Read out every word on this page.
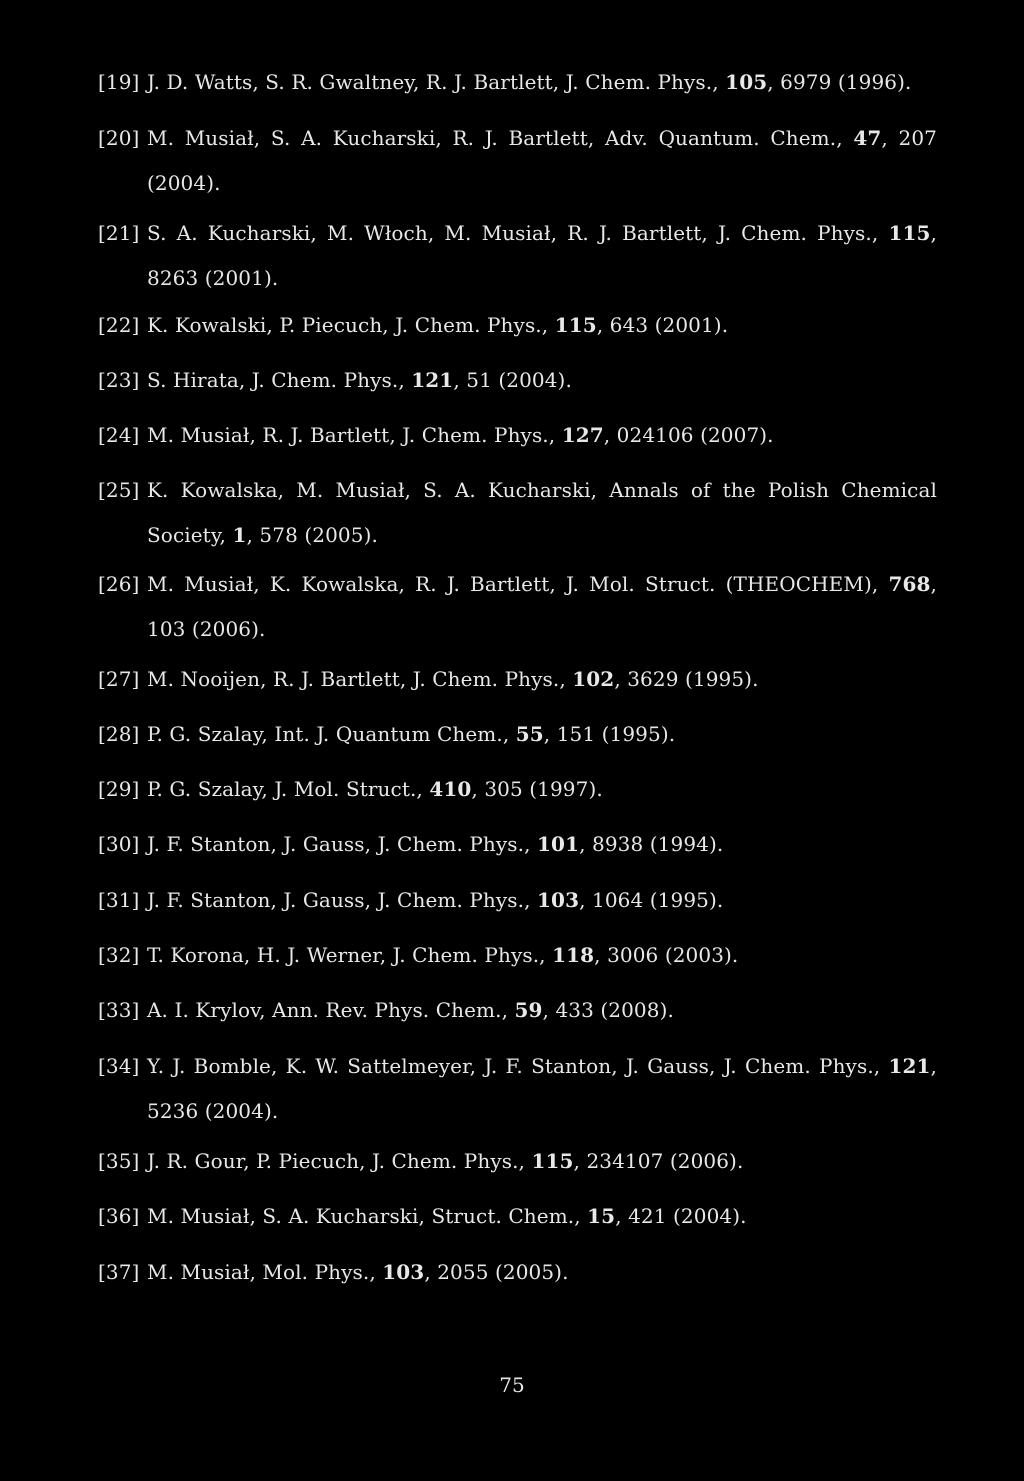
[19] J. D. Watts, S. R. Gwaltney, R. J. Bartlett, J. Chem. Phys., 105, 6979 (1996).
[20] M. Musiał, S. A. Kucharski, R. J. Bartlett, Adv. Quantum. Chem., 47, 207 (2004).
[21] S. A. Kucharski, M. Włoch, M. Musiał, R. J. Bartlett, J. Chem. Phys., 115, 8263 (2001).
[22] K. Kowalski, P. Piecuch, J. Chem. Phys., 115, 643 (2001).
[23] S. Hirata, J. Chem. Phys., 121, 51 (2004).
[24] M. Musiał, R. J. Bartlett, J. Chem. Phys., 127, 024106 (2007).
[25] K. Kowalska, M. Musiał, S. A. Kucharski, Annals of the Polish Chemical Society, 1, 578 (2005).
[26] M. Musiał, K. Kowalska, R. J. Bartlett, J. Mol. Struct. (THEOCHEM), 768, 103 (2006).
[27] M. Nooijen, R. J. Bartlett, J. Chem. Phys., 102, 3629 (1995).
[28] P. G. Szalay, Int. J. Quantum Chem., 55, 151 (1995).
[29] P. G. Szalay, J. Mol. Struct., 410, 305 (1997).
[30] J. F. Stanton, J. Gauss, J. Chem. Phys., 101, 8938 (1994).
[31] J. F. Stanton, J. Gauss, J. Chem. Phys., 103, 1064 (1995).
[32] T. Korona, H. J. Werner, J. Chem. Phys., 118, 3006 (2003).
[33] A. I. Krylov, Ann. Rev. Phys. Chem., 59, 433 (2008).
[34] Y. J. Bomble, K. W. Sattelmeyer, J. F. Stanton, J. Gauss, J. Chem. Phys., 121, 5236 (2004).
[35] J. R. Gour, P. Piecuch, J. Chem. Phys., 115, 234107 (2006).
[36] M. Musiał, S. A. Kucharski, Struct. Chem., 15, 421 (2004).
[37] M. Musiał, Mol. Phys., 103, 2055 (2005).
75
